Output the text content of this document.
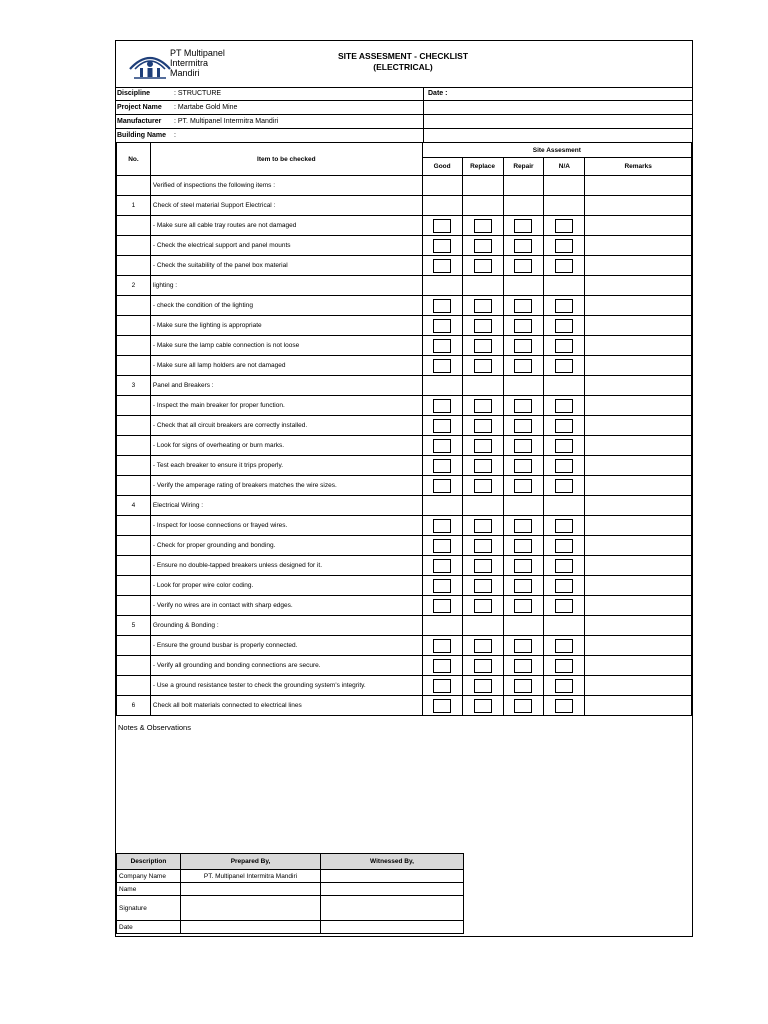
PT Multipanel
Intermitra
Mandiri
SITE ASSESMENT - CHECKLIST
(ELECTRICAL)
Discipline	: STRUCTURE	Date :
Project Name : Martabe Gold Mine
Manufacturer : PT. Multipanel Intermitra Mandiri
Building Name :
No.	Item to be checked	Site Assesment				
		Good	Replace	Repair	N/A	Remarks
	Verified of inspections the following items :					
1	Check of steel material Support Electrical :					
	- Make sure all cable tray routes are not damaged					
	- Check the electrical support and panel mounts					
	- Check the suitability of the panel box material					
2	lighting :					
	- check the condition of the lighting					
	- Make sure the lighting is appropriate					
	- Make sure the lamp cable connection is not loose					
	- Make sure all lamp holders are not damaged					
3	Panel and Breakers :					
	- Inspect the main breaker for proper function.					
	- Check that all circuit breakers are correctly installed.					
	- Look for signs of overheating or burn marks.					
	- Test each breaker to ensure it trips properly.					
	- Verify the amperage rating of breakers matches the wire sizes.					
4	Electrical Wiring :					
	- Inspect for loose connections or frayed wires.					
	- Check for proper grounding and bonding.					
	- Ensure no double-tapped breakers unless designed for it.					
	- Look for proper wire color coding.					
	- Verify no wires are in contact with sharp edges.					
5	Grounding & Bonding :					
	- Ensure the ground busbar is properly connected.					
	- Verify all grounding and bonding connections are secure.					
	- Use a ground resistance tester to check the grounding system's integrity.					
6	Check all bolt materials connected to electrical lines					
Notes & Observations
Description	Prepared By,	Witnessed By,
Company Name	PT. Multipanel Intermitra Mandiri	
Name		
Signature		
Date		
